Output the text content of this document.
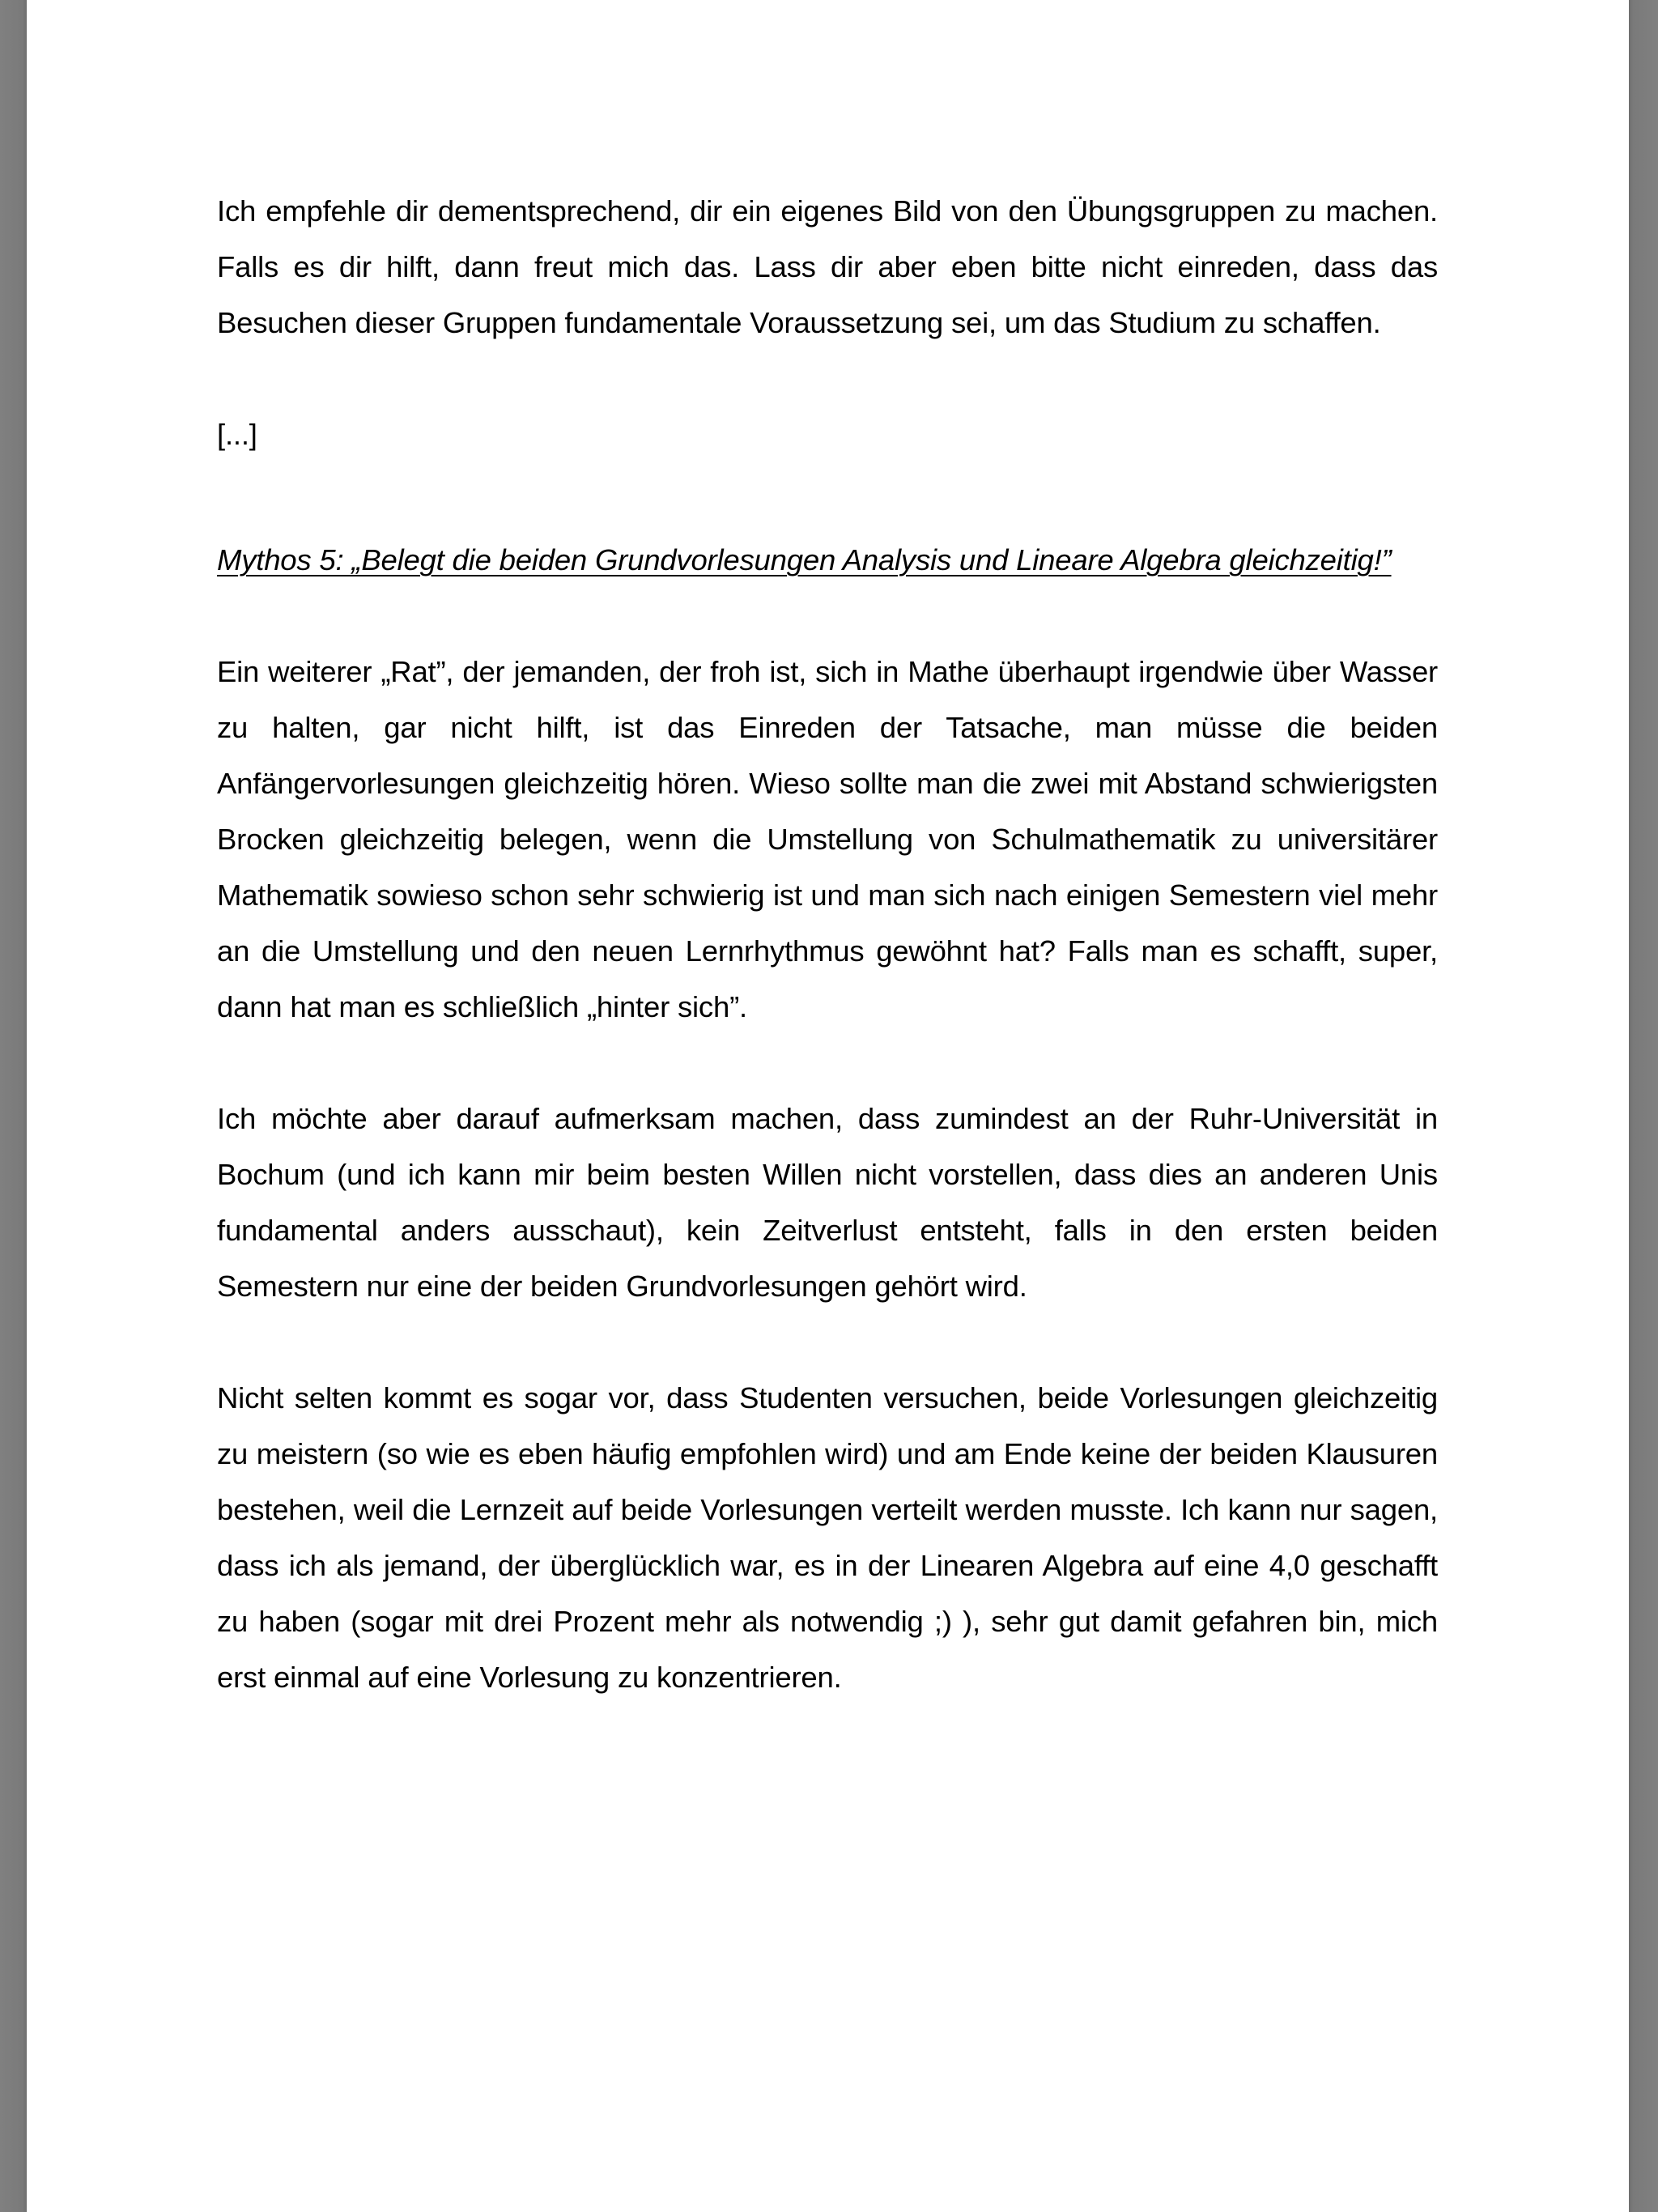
Ich empfehle dir dementsprechend, dir ein eigenes Bild von den Übungsgruppen zu machen. Falls es dir hilft, dann freut mich das. Lass dir aber eben bitte nicht einreden, dass das Besuchen dieser Gruppen fundamentale Voraussetzung sei, um das Studium zu schaffen.

[...]

Mythos 5: „Belegt die beiden Grundvorlesungen Analysis und Lineare Algebra gleichzeitig!”

Ein weiterer „Rat”, der jemanden, der froh ist, sich in Mathe überhaupt irgendwie über Wasser zu halten, gar nicht hilft, ist das Einreden der Tatsache, man müsse die beiden Anfängervorlesungen gleichzeitig hören. Wieso sollte man die zwei mit Abstand schwierigsten Brocken gleichzeitig belegen, wenn die Umstellung von Schulmathematik zu universitärer Mathematik sowieso schon sehr schwierig ist und man sich nach einigen Semestern viel mehr an die Umstellung und den neuen Lernrhythmus gewöhnt hat? Falls man es schafft, super, dann hat man es schließlich „hinter sich”.

Ich möchte aber darauf aufmerksam machen, dass zumindest an der Ruhr-Universität in Bochum (und ich kann mir beim besten Willen nicht vorstellen, dass dies an anderen Unis fundamental anders ausschaut), kein Zeitverlust entsteht, falls in den ersten beiden Semestern nur eine der beiden Grundvorlesungen gehört wird.

Nicht selten kommt es sogar vor, dass Studenten versuchen, beide Vorlesungen gleichzeitig zu meistern (so wie es eben häufig empfohlen wird) und am Ende keine der beiden Klausuren bestehen, weil die Lernzeit auf beide Vorlesungen verteilt werden musste. Ich kann nur sagen, dass ich als jemand, der überglücklich war, es in der Linearen Algebra auf eine 4,0 geschafft zu haben (sogar mit drei Prozent mehr als notwendig ;) ), sehr gut damit gefahren bin, mich erst einmal auf eine Vorlesung zu konzentrieren.
